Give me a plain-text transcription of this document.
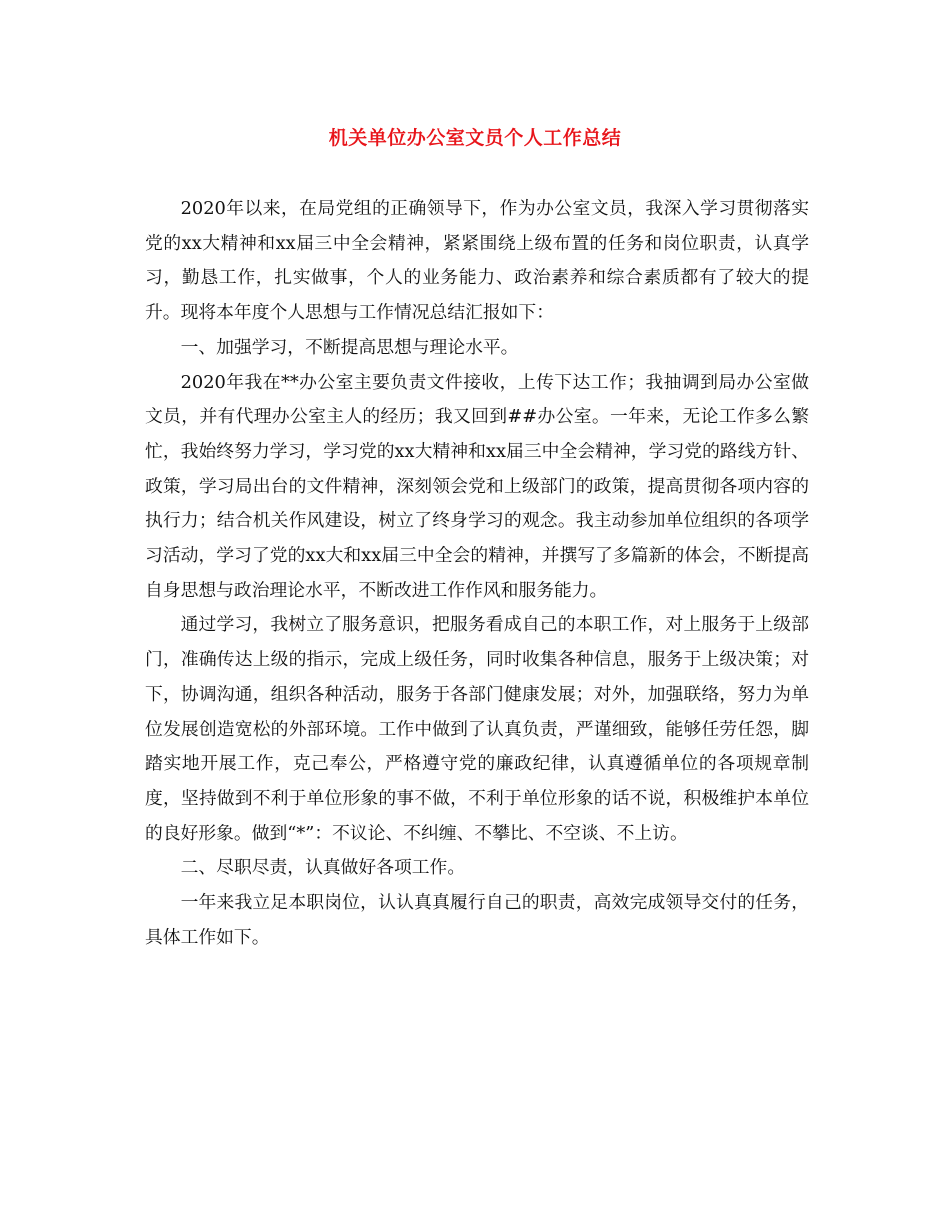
机关单位办公室文员个人工作总结

2020年以来，在局党组的正确领导下，作为办公室文员，我深入学习贯彻落实党的xx大精神和xx届三中全会精神，紧紧围绕上级布置的任务和岗位职责，认真学习，勤恳工作，扎实做事，个人的业务能力、政治素养和综合素质都有了较大的提升。现将本年度个人思想与工作情况总结汇报如下：

一、加强学习，不断提高思想与理论水平。

2020年我在**办公室主要负责文件接收，上传下达工作；我抽调到局办公室做文员，并有代理办公室主人的经历；我又回到##办公室。一年来，无论工作多么繁忙，我始终努力学习，学习党的xx大精神和xx届三中全会精神，学习党的路线方针、政策，学习局出台的文件精神，深刻领会党和上级部门的政策，提高贯彻各项内容的执行力；结合机关作风建设，树立了终身学习的观念。我主动参加单位组织的各项学习活动，学习了党的xx大和xx届三中全会的精神，并撰写了多篇新的体会，不断提高自身思想与政治理论水平，不断改进工作作风和服务能力。

通过学习，我树立了服务意识，把服务看成自己的本职工作，对上服务于上级部门，准确传达上级的指示，完成上级任务，同时收集各种信息，服务于上级决策；对下，协调沟通，组织各种活动，服务于各部门健康发展；对外，加强联络，努力为单位发展创造宽松的外部环境。工作中做到了认真负责，严谨细致，能够任劳任怨，脚踏实地开展工作，克己奉公，严格遵守党的廉政纪律，认真遵循单位的各项规章制度，坚持做到不利于单位形象的事不做，不利于单位形象的话不说，积极维护本单位的良好形象。做到“*”：不议论、不纠缠、不攀比、不空谈、不上访。

二、尽职尽责，认真做好各项工作。

一年来我立足本职岗位，认认真真履行自己的职责，高效完成领导交付的任务，具体工作如下。
